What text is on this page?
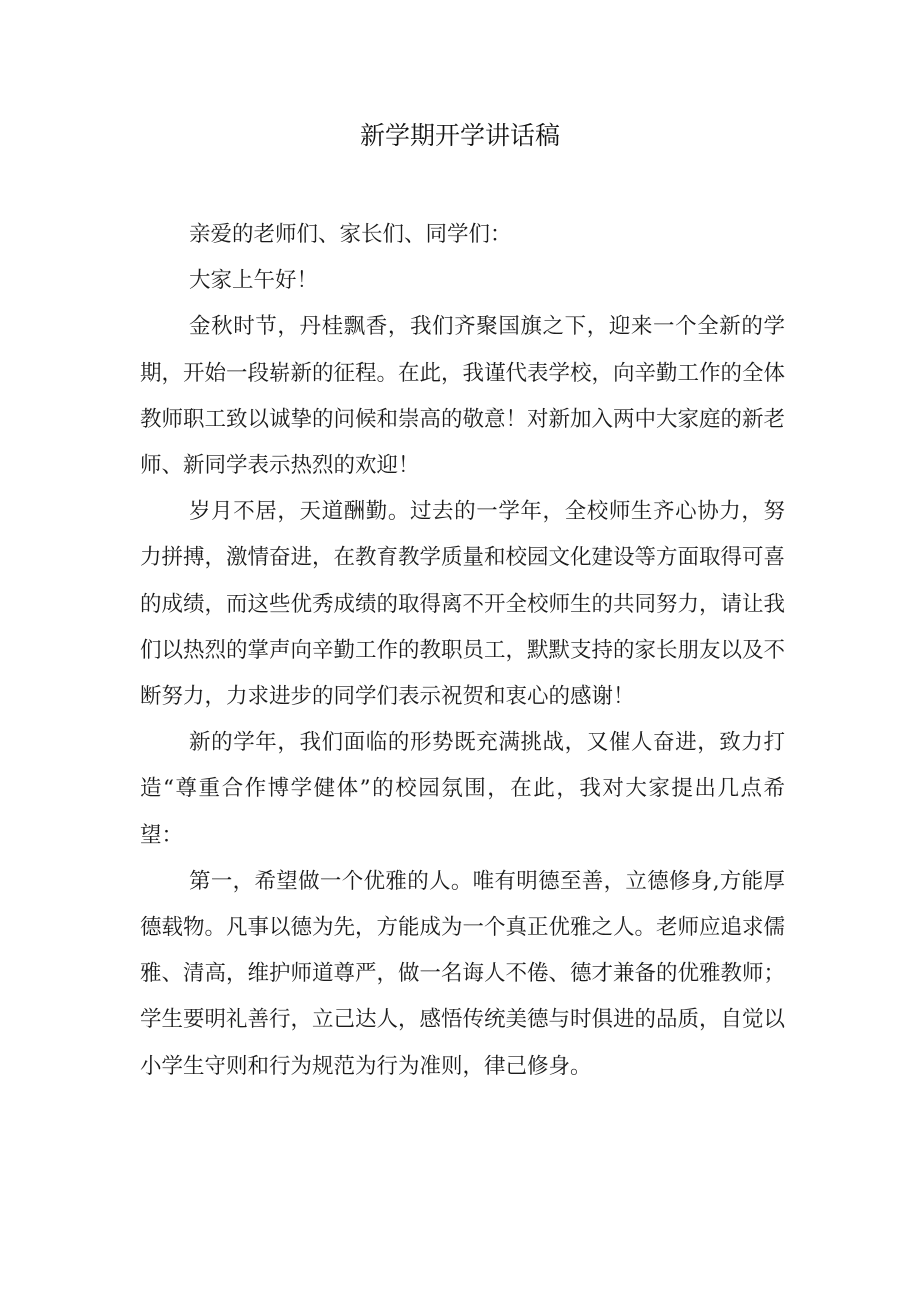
新学期开学讲话稿

亲爱的老师们、家长们、同学们：

大家上午好！

金秋时节，丹桂飘香，我们齐聚国旗之下，迎来一个全新的学期，开始一段崭新的征程。在此，我谨代表学校，向辛勤工作的全体教师职工致以诚挚的问候和崇高的敬意！对新加入两中大家庭的新老师、新同学表示热烈的欢迎！

岁月不居，天道酬勤。过去的一学年，全校师生齐心协力，努力拼搏，激情奋进，在教育教学质量和校园文化建设等方面取得可喜的成绩，而这些优秀成绩的取得离不开全校师生的共同努力，请让我们以热烈的掌声向辛勤工作的教职员工，默默支持的家长朋友以及不断努力，力求进步的同学们表示祝贺和衷心的感谢！

新的学年，我们面临的形势既充满挑战，又催人奋进，致力打造“尊重合作博学健体”的校园氛围，在此，我对大家提出几点希望：

第一，希望做一个优雅的人。唯有明德至善，立德修身,方能厚德载物。凡事以德为先，方能成为一个真正优雅之人。老师应追求儒雅、清高，维护师道尊严，做一名诲人不倦、德才兼备的优雅教师；学生要明礼善行，立己达人，感悟传统美德与时俱进的品质，自觉以小学生守则和行为规范为行为准则，律己修身。
